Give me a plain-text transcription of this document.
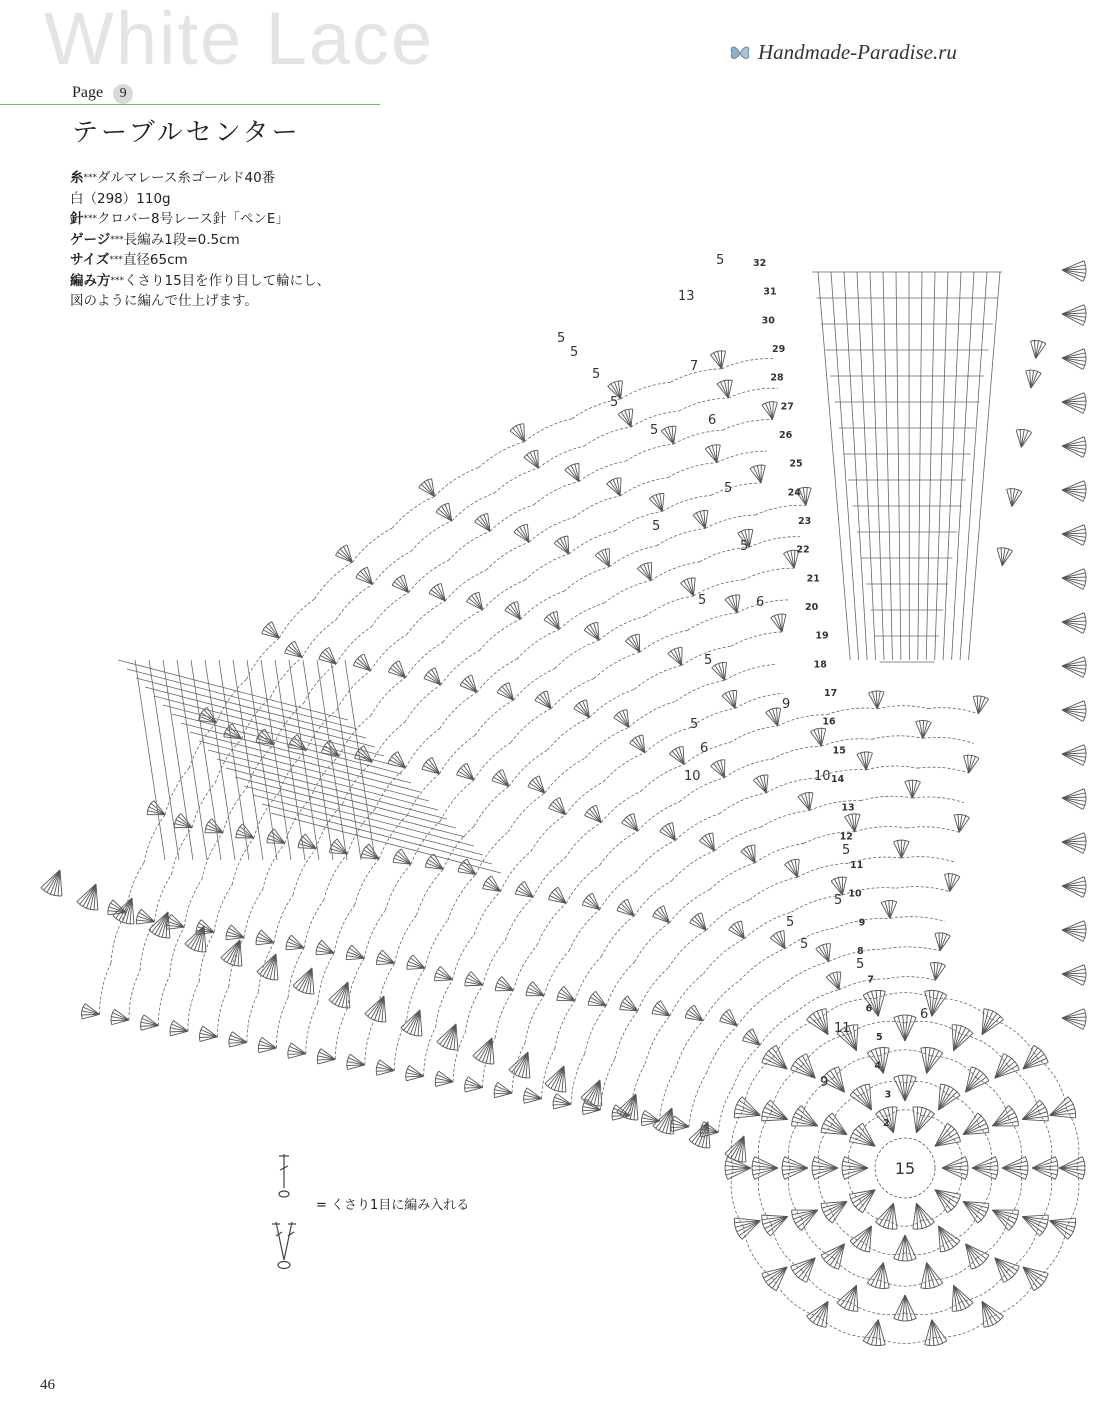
White Lace	Handmade-Paradise.ru
Page 9
テーブルセンター
糸***ダルマレース糸ゴールド40番
白（298）110g
針***クロバー8号レース針「ペンE」
ゲージ***長編み1段=0.5cm
サイズ***直径65cm
編み方***くさり15目を作り目して輪にし、
図のように編んで仕上げます。
15
2
3
4
5
6
7
8
9
10
11
12
13
14
15
16
17
18
19
20
21
22
23
24
25
26
27
28
29
30
31
32
5
13
5
5
5
7
5
6
5
5
5
5
5	6
5
9
5
6
10	10
5
5
5
5
5
11
6
9
= くさり1目に編み入れる
46
